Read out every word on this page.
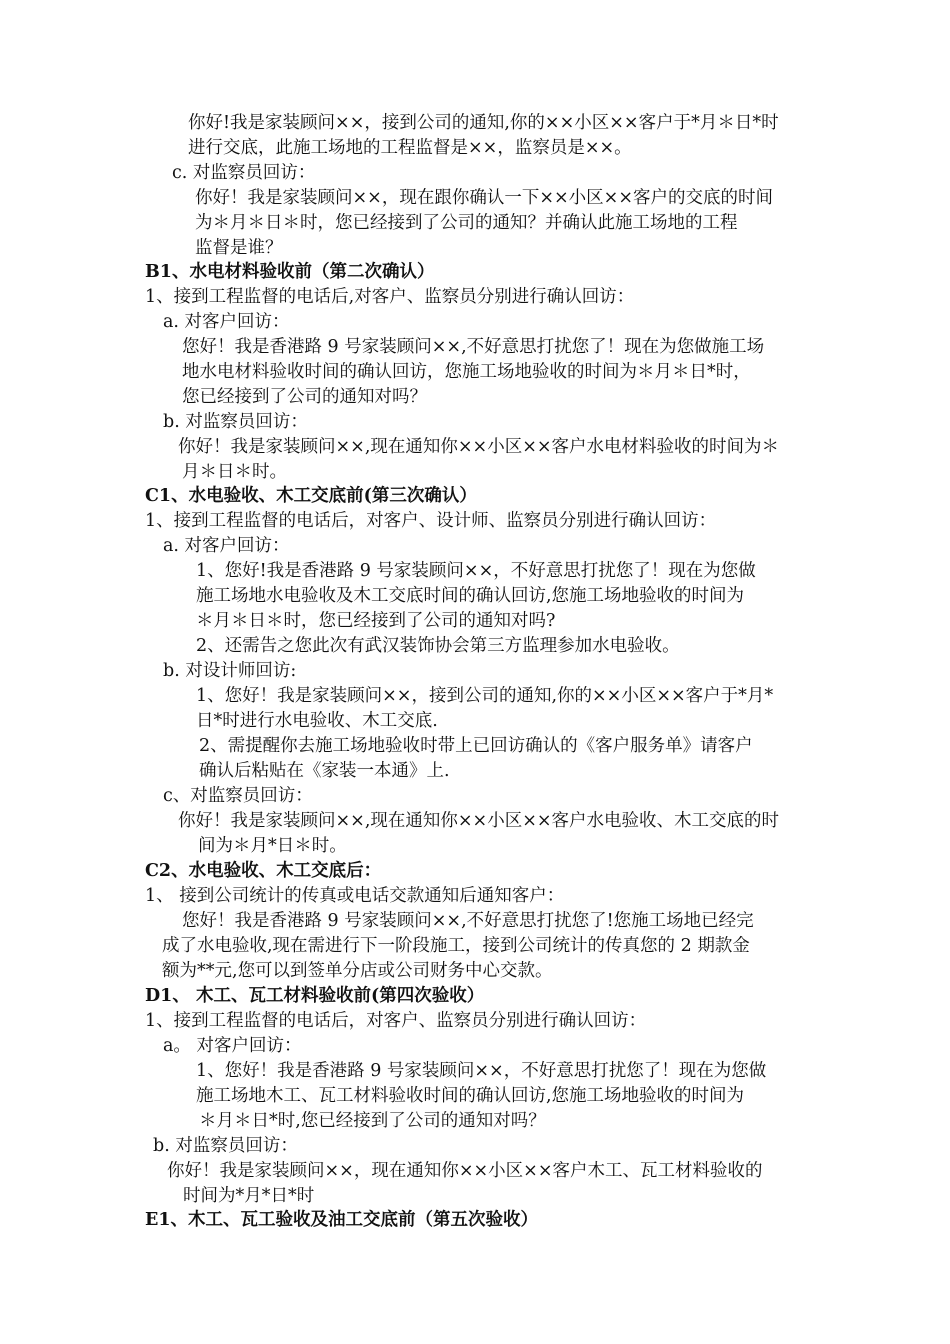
你好!我是家装顾问××，接到公司的通知,你的××小区××客户于*月＊日*时
进行交底，此施工场地的工程监督是××，监察员是××。
c. 对监察员回访：
你好！我是家装顾问××，现在跟你确认一下××小区××客户的交底的时间
为＊月＊日＊时，您已经接到了公司的通知？并确认此施工场地的工程
监督是谁？
B1、水电材料验收前（第二次确认）
1、接到工程监督的电话后,对客户、监察员分别进行确认回访：
a. 对客户回访：
您好！我是香港路 9 号家装顾问××,不好意思打扰您了！现在为您做施工场
地水电材料验收时间的确认回访，您施工场地验收的时间为＊月＊日*时，
您已经接到了公司的通知对吗？
b. 对监察员回访：
你好！我是家装顾问××,现在通知你××小区××客户水电材料验收的时间为＊
月＊日＊时。
C1、水电验收、木工交底前(第三次确认）
1、接到工程监督的电话后，对客户、设计师、监察员分别进行确认回访：
a. 对客户回访：
1、您好!我是香港路 9 号家装顾问××，不好意思打扰您了！现在为您做
施工场地水电验收及木工交底时间的确认回访,您施工场地验收的时间为
＊月＊日＊时，您已经接到了公司的通知对吗?
2、还需告之您此次有武汉装饰协会第三方监理参加水电验收。
b. 对设计师回访:
1、您好！我是家装顾问××，接到公司的通知,你的××小区××客户于*月*
日*时进行水电验收、木工交底.
2、需提醒你去施工场地验收时带上已回访确认的《客户服务单》请客户
确认后粘贴在《家装一本通》上.
c、对监察员回访：
你好！我是家装顾问××,现在通知你××小区××客户水电验收、木工交底的时
间为＊月*日＊时。
C2、水电验收、木工交底后：
1、 接到公司统计的传真或电话交款通知后通知客户：
您好！我是香港路 9 号家装顾问××,不好意思打扰您了!您施工场地已经完
成了水电验收,现在需进行下一阶段施工，接到公司统计的传真您的 2 期款金
额为**元,您可以到签单分店或公司财务中心交款。
D1、 木工、瓦工材料验收前(第四次验收）
1、接到工程监督的电话后，对客户、监察员分别进行确认回访：
a。 对客户回访：
1、您好！我是香港路 9 号家装顾问××，不好意思打扰您了！现在为您做
施工场地木工、瓦工材料验收时间的确认回访,您施工场地验收的时间为
＊月＊日*时,您已经接到了公司的通知对吗？
b. 对监察员回访：
你好！我是家装顾问××，现在通知你××小区××客户木工、瓦工材料验收的
时间为*月*日*时
E1、木工、瓦工验收及油工交底前（第五次验收）
